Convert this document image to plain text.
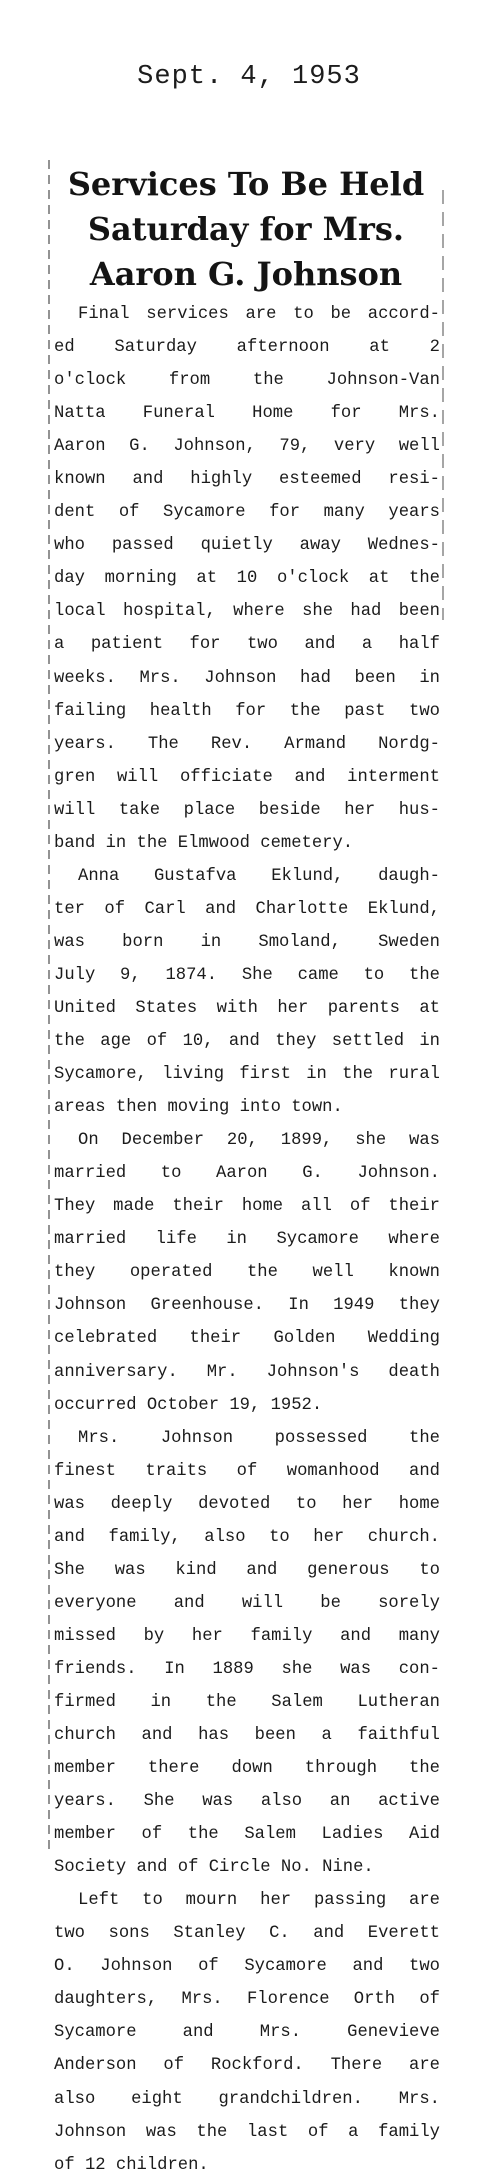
Sept. 4, 1953
Services To Be Held
Saturday for Mrs.
Aaron G. Johnson
Final services are to be accord-
ed Saturday afternoon at 2
o'clock from the Johnson-Van
Natta Funeral Home for Mrs.
Aaron G. Johnson, 79, very well
known and highly esteemed resi-
dent of Sycamore for many years
who passed quietly away Wednes-
day morning at 10 o'clock at the
local hospital, where she had been
a patient for two and a half
weeks. Mrs. Johnson had been in
failing health for the past two
years. The Rev. Armand Nordg-
gren will officiate and interment
will take place beside her hus-
band in the Elmwood cemetery.
Anna Gustafva Eklund, daugh-
ter of Carl and Charlotte Eklund,
was born in Smoland, Sweden
July 9, 1874. She came to the
United States with her parents at
the age of 10, and they settled in
Sycamore, living first in the rural
areas then moving into town.
On December 20, 1899, she was
married to Aaron G. Johnson.
They made their home all of their
married life in Sycamore where
they operated the well known
Johnson Greenhouse. In 1949 they
celebrated their Golden Wedding
anniversary. Mr. Johnson's death
occurred October 19, 1952.
Mrs. Johnson possessed the
finest traits of womanhood and
was deeply devoted to her home
and family, also to her church.
She was kind and generous to
everyone and will be sorely
missed by her family and many
friends. In 1889 she was con-
firmed in the Salem Lutheran
church and has been a faithful
member there down through the
years. She was also an active
member of the Salem Ladies Aid
Society and of Circle No. Nine.
Left to mourn her passing are
two sons Stanley C. and Everett
O. Johnson of Sycamore and two
daughters, Mrs. Florence Orth of
Sycamore and Mrs. Genevieve
Anderson of Rockford. There are
also eight grandchildren. Mrs.
Johnson was the last of a family
of 12 children.
